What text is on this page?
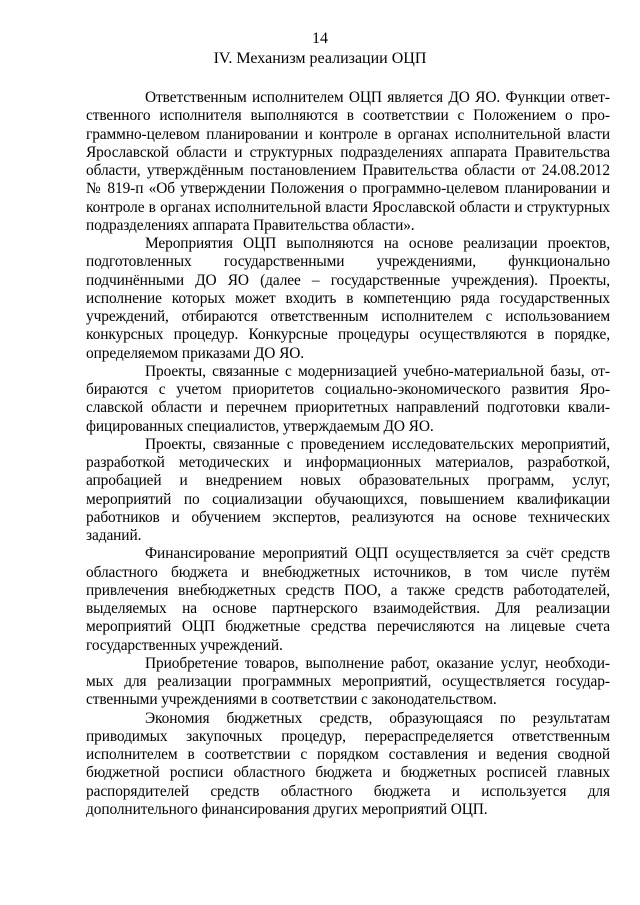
14
IV. Механизм реализации ОЦП

Ответственным исполнителем ОЦП является ДО ЯО. Функции ответственного исполнителя выполняются в соответствии с Положением о программно-целевом планировании и контроле в органах исполнительной власти Ярославской области и структурных подразделениях аппарата Правительства области, утверждённым постановлением Правительства области от 24.08.2012 № 819-п «Об утверждении Положения о программно-целевом планировании и контроле в органах исполнительной власти Ярославской области и структурных подразделениях аппарата Правительства области».

Мероприятия ОЦП выполняются на основе реализации проектов, подготовленных государственными учреждениями, функционально подчинёнными ДО ЯО (далее – государственные учреждения). Проекты, исполнение которых может входить в компетенцию ряда государственных учреждений, отбираются ответственным исполнителем с использованием конкурсных процедур. Конкурсные процедуры осуществляются в порядке, определяемом приказами ДО ЯО.

Проекты, связанные с модернизацией учебно-материальной базы, отбираются с учетом приоритетов социально-экономического развития Ярославской области и перечнем приоритетных направлений подготовки квалифицированных специалистов, утверждаемым ДО ЯО.

Проекты, связанные с проведением исследовательских мероприятий, разработкой методических и информационных материалов, разработкой, апробацией и внедрением новых образовательных программ, услуг, мероприятий по социализации обучающихся, повышением квалификации работников и обучением экспертов, реализуются на основе технических заданий.

Финансирование мероприятий ОЦП осуществляется за счёт средств областного бюджета и внебюджетных источников, в том числе путём привлечения внебюджетных средств ПОО, а также средств работодателей, выделяемых на основе партнерского взаимодействия. Для реализации мероприятий ОЦП бюджетные средства перечисляются на лицевые счета государственных учреждений.

Приобретение товаров, выполнение работ, оказание услуг, необходимых для реализации программных мероприятий, осуществляется государственными учреждениями в соответствии с законодательством.

Экономия бюджетных средств, образующаяся по результатам приводимых закупочных процедур, перераспределяется ответственным исполнителем в соответствии с порядком составления и ведения сводной бюджетной росписи областного бюджета и бюджетных росписей главных распорядителей средств областного бюджета и используется для дополнительного финансирования других мероприятий ОЦП.
